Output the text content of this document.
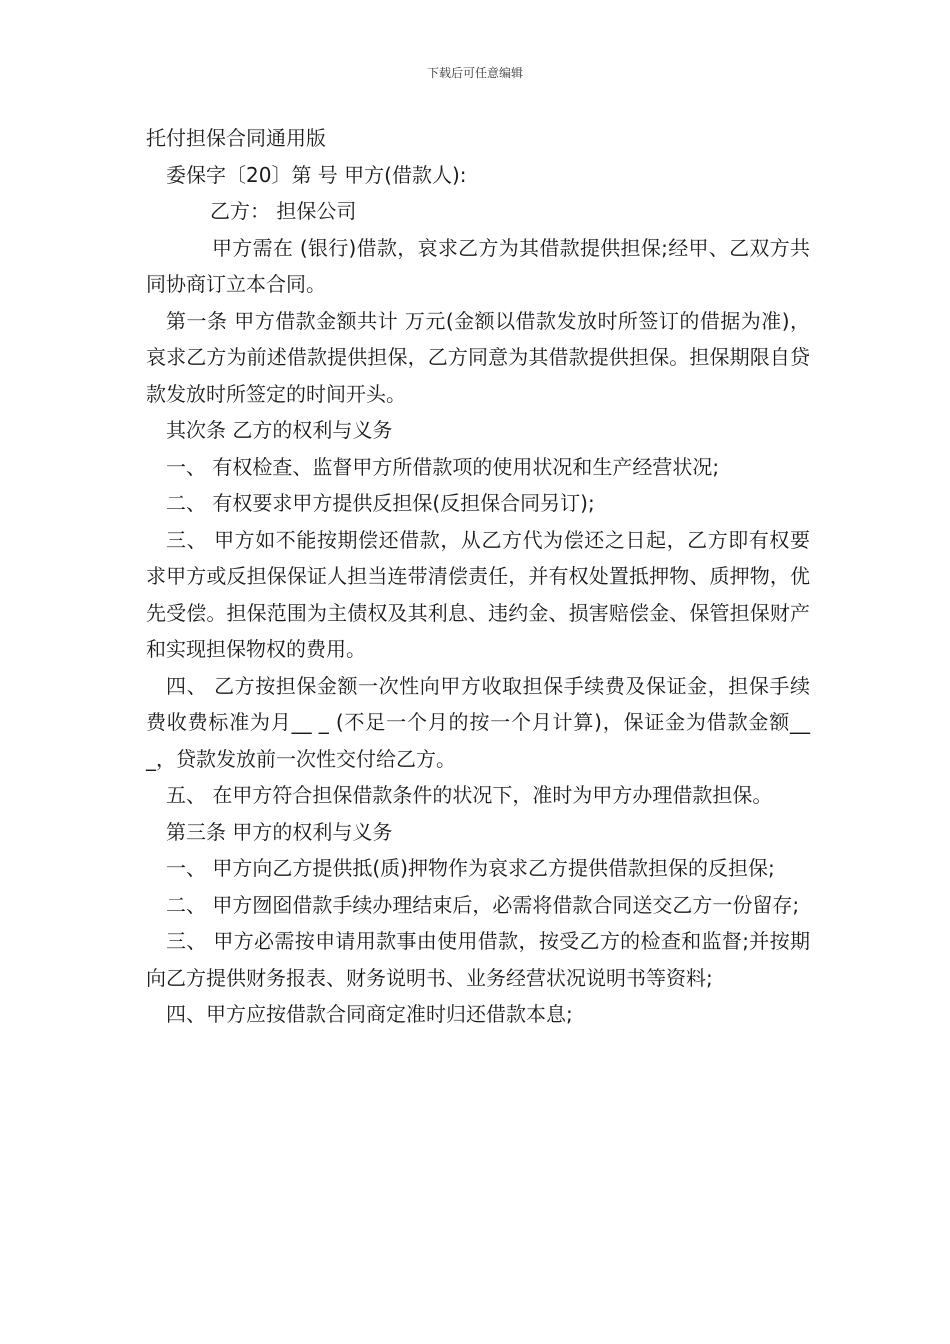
下载后可任意编辑

托付担保合同通用版

委保字〔20〕第 号 甲方(借款人):

乙方： 担保公司

甲方需在 (银行)借款，哀求乙方为其借款提供担保;经甲、乙双方共同协商订立本合同。

第一条 甲方借款金额共计 万元(金额以借款发放时所签订的借据为准)，哀求乙方为前述借款提供担保，乙方同意为其借款提供担保。担保期限自贷款发放时所签定的时间开头。

其次条 乙方的权利与义务

一、 有权检查、监督甲方所借款项的使用状况和生产经营状况;

二、 有权要求甲方提供反担保(反担保合同另订);

三、 甲方如不能按期偿还借款，从乙方代为偿还之日起，乙方即有权要求甲方或反担保保证人担当连带清偿责任，并有权处置抵押物、质押物，优先受偿。担保范围为主债权及其利息、违约金、损害赔偿金、保管担保财产和实现担保物权的费用。

四、 乙方按担保金额一次性向甲方收取担保手续费及保证金，担保手续费收费标准为月__ _ (不足一个月的按一个月计算)，保证金为借款金额__ _，贷款发放前一次性交付给乙方。

五、 在甲方符合担保借款条件的状况下，准时为甲方办理借款担保。

第三条 甲方的权利与义务

一、 甲方向乙方提供抵(质)押物作为哀求乙方提供借款担保的反担保;

二、 甲方囫囵借款手续办理结束后，必需将借款合同送交乙方一份留存;

三、 甲方必需按申请用款事由使用借款，按受乙方的检查和监督;并按期向乙方提供财务报表、财务说明书、业务经营状况说明书等资料;

四、甲方应按借款合同商定准时归还借款本息;
